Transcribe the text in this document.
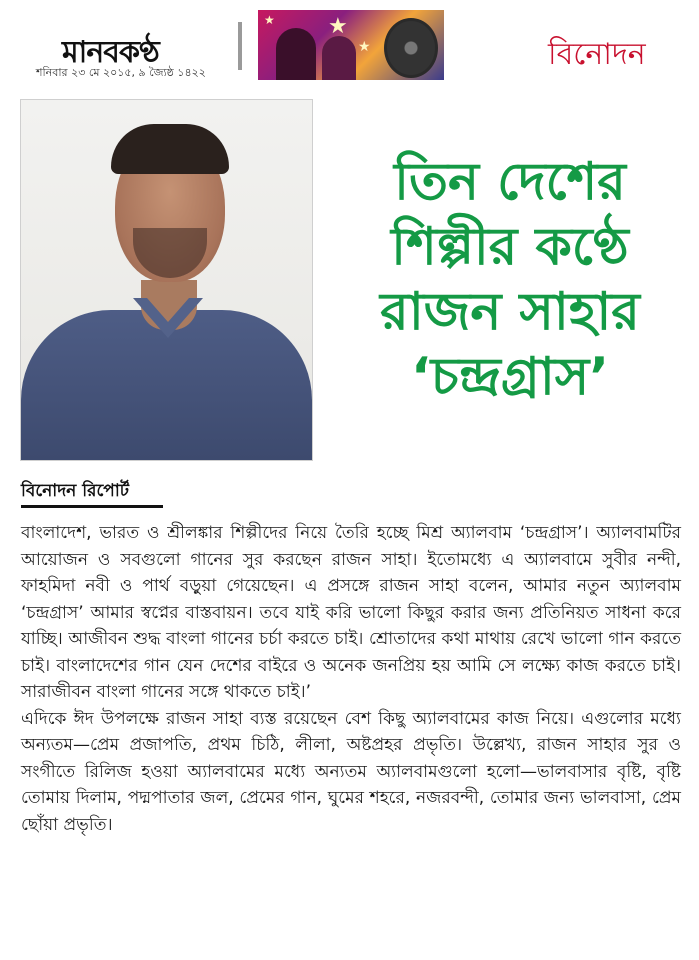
মানবকণ্ঠ
শনিবার ২৩ মে ২০১৫, ৯ জ্যৈষ্ঠ ১৪২২
★
★
★
বিনোদন
তিন দেশের
শিল্পীর কণ্ঠে
রাজন সাহার
‘চন্দ্রগ্রাস’
বিনোদন রিপোর্ট

বাংলাদেশ, ভারত ও শ্রীলঙ্কার শিল্পীদের নিয়ে তৈরি হচ্ছে মিশ্র অ্যালবাম ‘চন্দ্রগ্রাস’। অ্যালবামটির আয়োজন ও সবগুলো গানের সুর করছেন রাজন সাহা। ইতোমধ্যে এ অ্যালবামে সুবীর নন্দী, ফাহমিদা নবী ও পার্থ বড়ুয়া গেয়েছেন। এ প্রসঙ্গে রাজন সাহা বলেন, আমার নতুন অ্যালবাম ‘চন্দ্রগ্রাস’ আমার স্বপ্নের বাস্তবায়ন। তবে যাই করি ভালো কিছুর করার জন্য প্রতিনিয়ত সাধনা করে যাচ্ছি। আজীবন শুদ্ধ বাংলা গানের চর্চা করতে চাই। শ্রোতাদের কথা মাথায় রেখে ভালো গান করতে চাই। বাংলাদেশের গান যেন দেশের বাইরে ও অনেক জনপ্রিয় হয় আমি সে লক্ষ্যে কাজ করতে চাই। সারাজীবন বাংলা গানের সঙ্গে থাকতে চাই।’

এদিকে ঈদ উপলক্ষে রাজন সাহা ব্যস্ত রয়েছেন বেশ কিছু অ্যালবামের কাজ নিয়ে। এগুলোর মধ্যে অন্যতম—প্রেম প্রজাপতি, প্রথম চিঠি, লীলা, অষ্টপ্রহর প্রভৃতি। উল্লেখ্য, রাজন সাহার সুর ও সংগীতে রিলিজ হওয়া অ্যালবামের মধ্যে অন্যতম অ্যালবামগুলো হলো—ভালবাসার বৃষ্টি, বৃষ্টি তোমায় দিলাম, পদ্মপাতার জল, প্রেমের গান, ঘুমের শহরে, নজরবন্দী, তোমার জন্য ভালবাসা, প্রেম ছোঁয়া প্রভৃতি।
